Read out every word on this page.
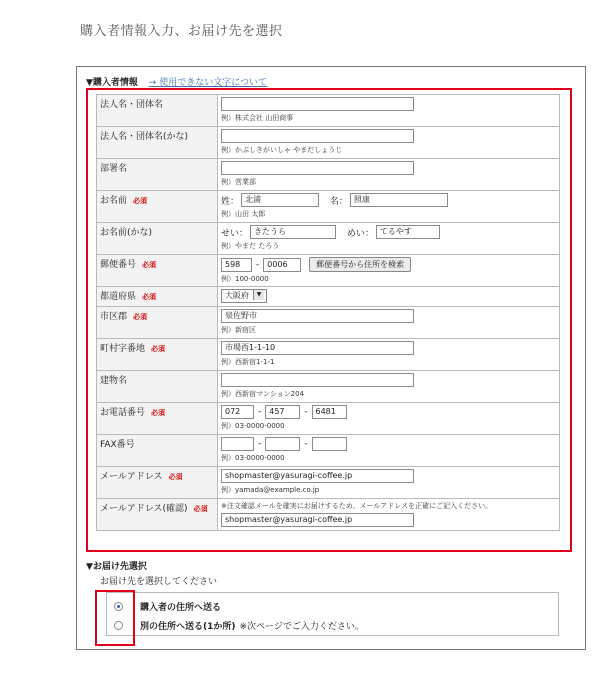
購入者情報入力、お届け先を選択
▼購入者情報 → 使用できない文字について
法人名・団体名	例）株式会社 山田商事

法人名・団体名(かな)	例）かぶしきがいしゃ やまだしょうじ

部署名	例）営業部

お名前 必須	姓： 北浦 名： 照康
例）山田 太郎

お名前(かな)	せい： きたうら めい： てるやす
例）やまだ たろう

郵便番号 必須	598 - 0006 郵便番号から住所を検索
例）100-0000

都道府県 必須	大阪府 ▼
市区郡 必須	泉佐野市
例）新宿区

町村字番地 必須	市場西1-1-10
例）西新宿1-1-1

建物名	例）西新宿マンション204

お電話番号 必須	072 - 457 - 6481
例）03-0000-0000

FAX番号	- -
例）03-0000-0000

メールアドレス 必須	shopmaster@yasuragi-coffee.jp
例）yamada@example.co.jp

メールアドレス(確認) 必須	※注文確認メールを確実にお届けするため、メールアドレスを正確にご記入ください。
shopmaster@yasuragi-coffee.jp
▼お届け先選択
お届け先を選択してください
購入者の住所へ送る
別の住所へ送る(1か所) ※次ページでご入力ください。
